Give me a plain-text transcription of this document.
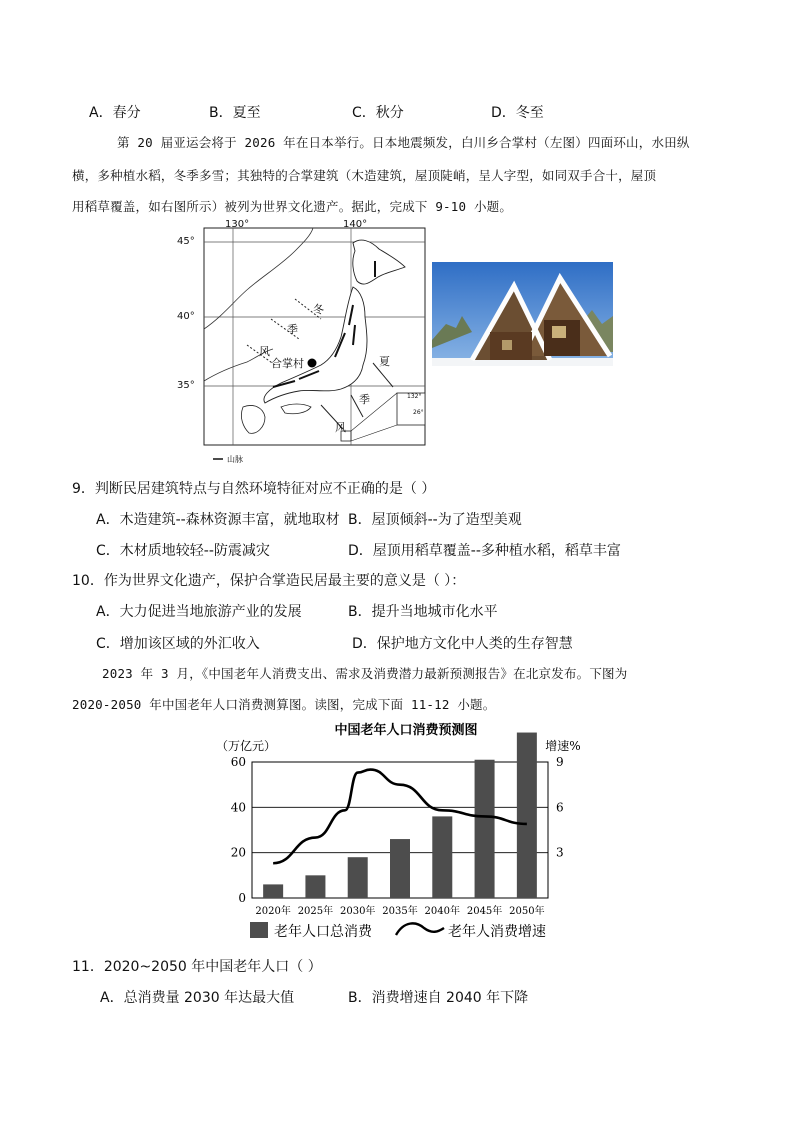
A．春分	B．夏至	C．秋分	D．冬至
第 20 届亚运会将于 2026 年在日本举行。日本地震频发，白川乡合掌村（左图）四面环山，水田纵
横，多种植水稻，冬季多雪；其独特的合掌建筑（木造建筑，屋顶陡峭，呈人字型，如同双手合十，屋顶
用稻草覆盖，如右图所示）被列为世界文化遗产。据此，完成下 9-10 小题。
130°	140°
45°
40°
35°
冬
季
风
夏
季
风
合掌村
132°
26°
山脉
9．判断民居建筑特点与自然环境特征对应不正确的是（ ）
A．木造建筑--森林资源丰富，就地取材 B．屋顶倾斜--为了造型美观
C．木材质地较轻--防震减灾	D．屋顶用稻草覆盖--多种植水稻，稻草丰富
10．作为世界文化遗产，保护合掌造民居最主要的意义是（ ）：
A．大力促进当地旅游产业的发展	B．提升当地城市化水平
C．增加该区域的外汇收入	D．保护地方文化中人类的生存智慧
2023 年 3 月，《中国老年人消费支出、需求及消费潜力最新预测报告》在北京发布。下图为
2020-2050 年中国老年人口消费测算图。读图，完成下面 11-12 小题。
中国老年人口消费预测图
（万亿元）	增速%
0
20
40
60
3
6
9
2020年 2025年 2030年 2035年 2040年 2045年 2050年
老年人口总消费	老年人消费增速
11．2020~2050 年中国老年人口（ ）
A．总消费量 2030 年达最大值	B．消费增速自 2040 年下降
